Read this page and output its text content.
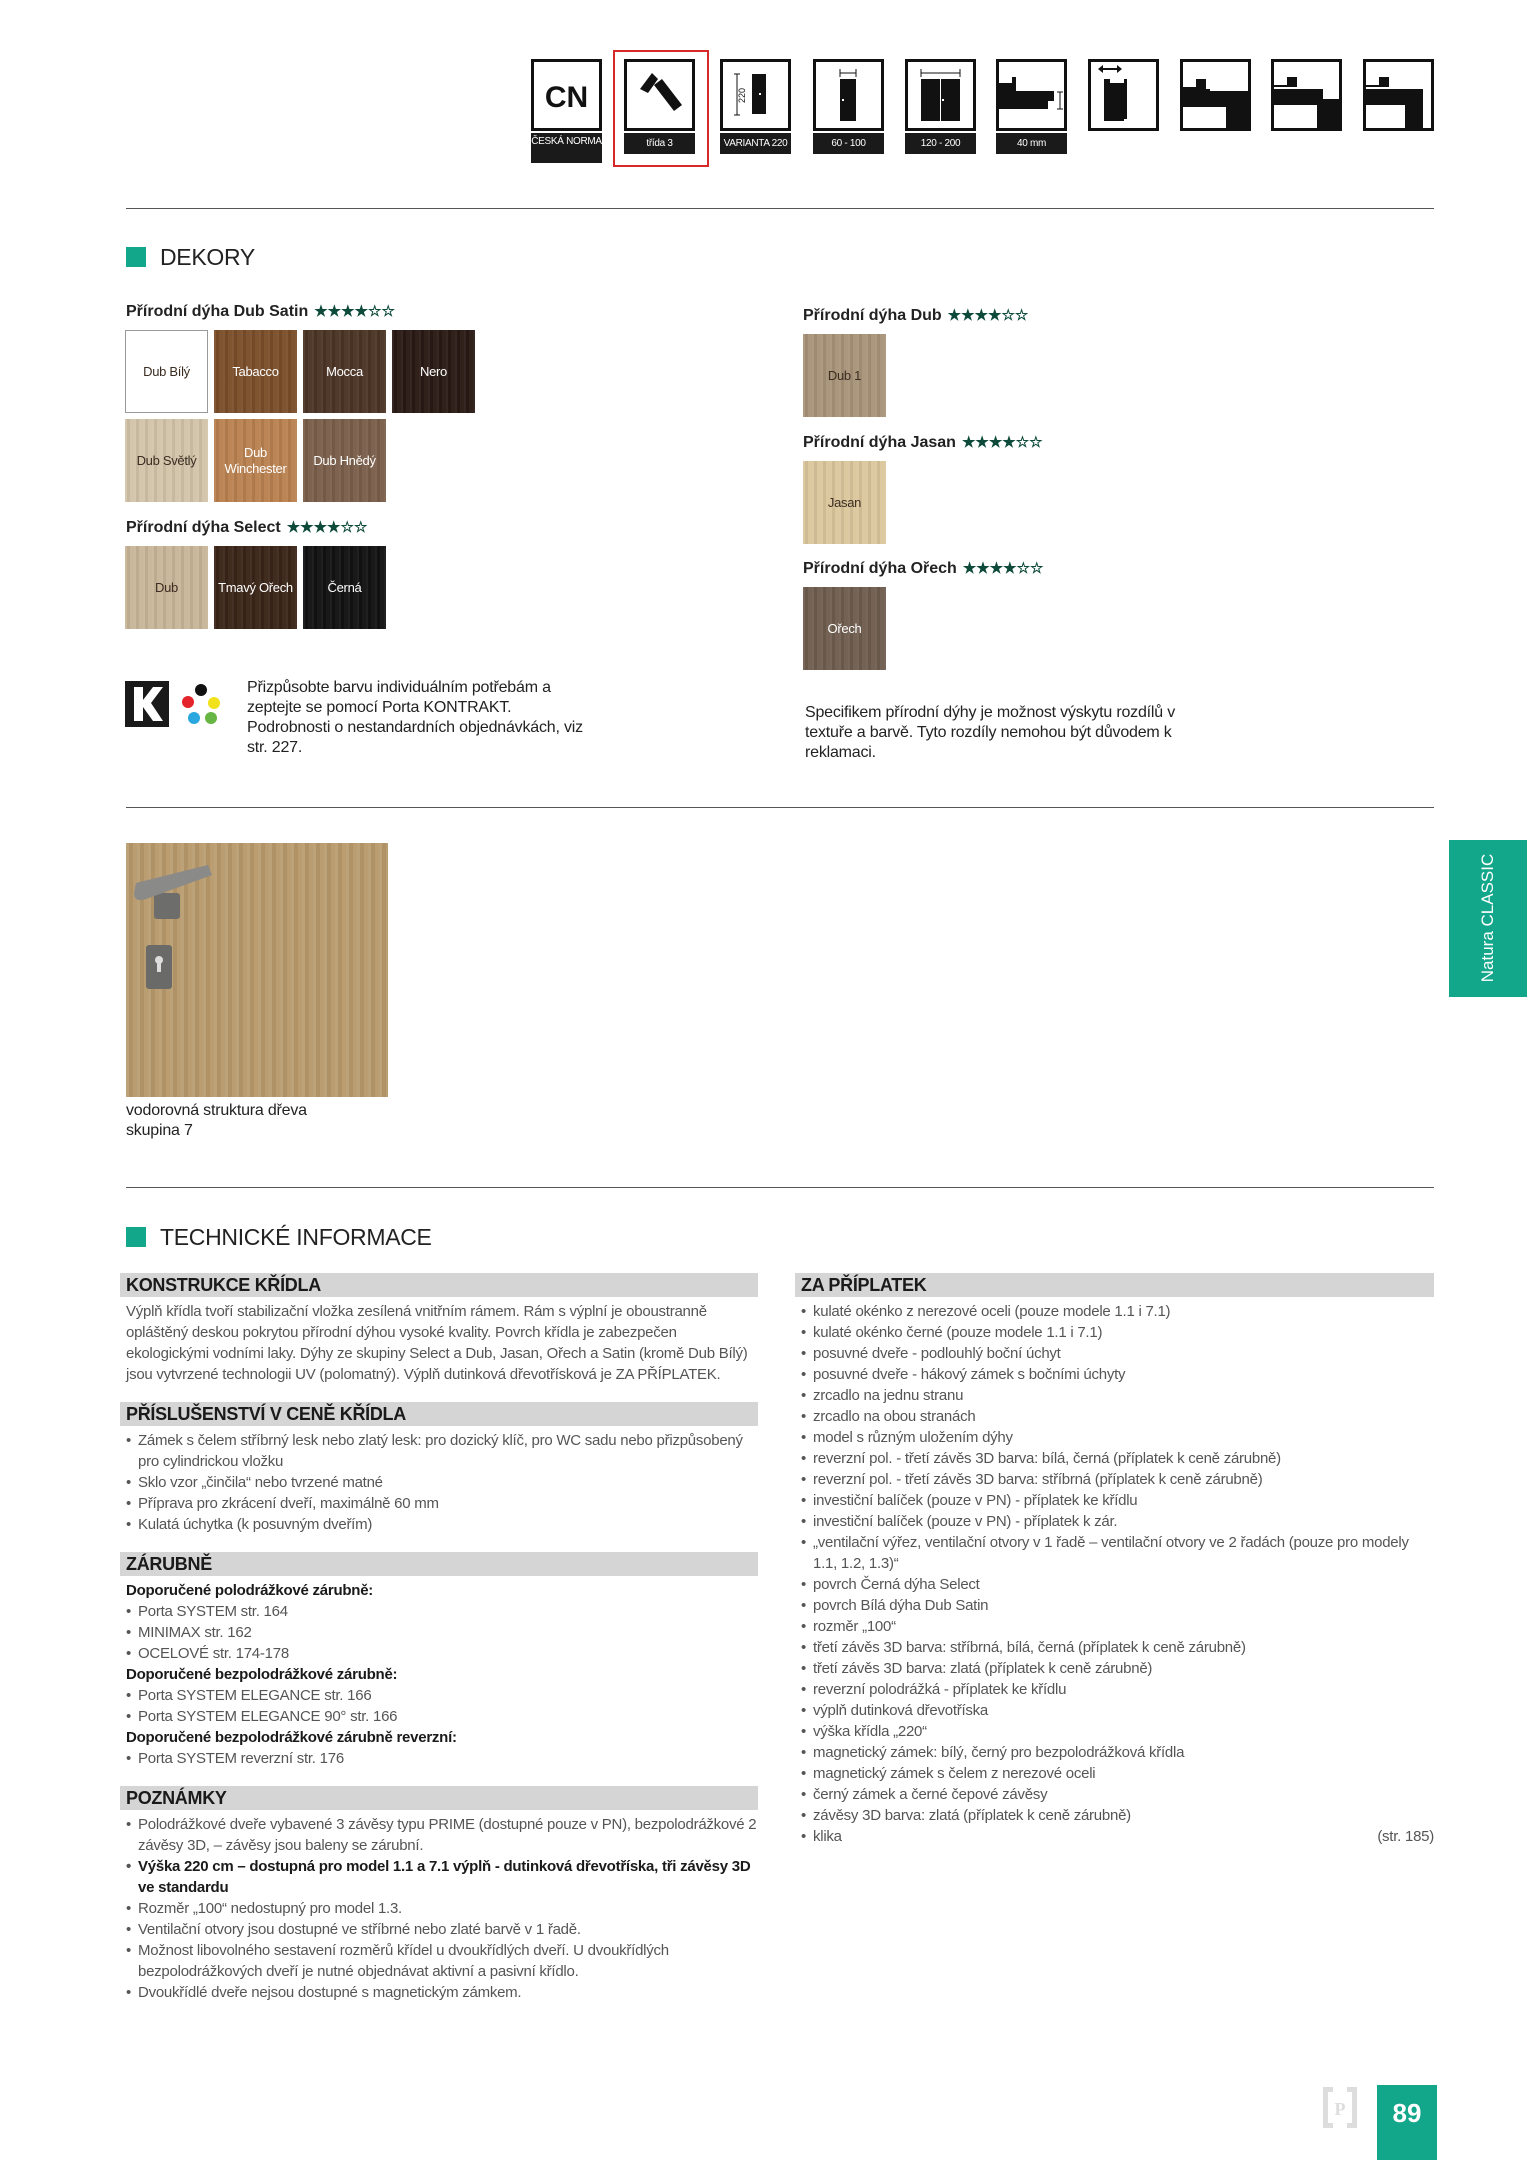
CN
ČESKÁ NORMA	třída 3
220
VARIANTA 220	60 - 100	120 - 200	40 mm
DEKORY
Přírodní dýha Dub Satin ★★★★☆☆
Dub Bílý	Tabacco	Mocca	Nero
Dub Světlý
Dub Winchester
Dub Hnědý
Přírodní dýha Select ★★★★☆☆
Dub	Tmavý Ořech	Černá
Přírodní dýha Dub ★★★★☆☆
Dub 1
Přírodní dýha Jasan ★★★★☆☆
Jasan
Přírodní dýha Ořech ★★★★☆☆
Ořech
Přizpůsobte barvu individuálním potřebám a zeptejte se pomocí Porta KONTRAKT. Podrobnosti o nestandardních objednávkách, viz str. 227.
Specifikem přírodní dýhy je možnost výskytu rozdílů v textuře a barvě. Tyto rozdíly nemohou být důvodem k reklamaci.
vodorovná struktura dřeva
skupina 7
Natura CLASSIC
TECHNICKÉ INFORMACE
KONSTRUKCE KŘÍDLA
Výplň křídla tvoří stabilizační vložka zesílená vnitřním rámem. Rám s výplní je oboustranně opláštěný deskou pokrytou přírodní dýhou vysoké kvality. Povrch křídla je zabezpečen ekologickými vodními laky. Dýhy ze skupiny Select a Dub, Jasan, Ořech a Satin (kromě Dub Bílý) jsou vytvrzené technologii UV (polomatný). Výplň dutinková dřevotřísková je ZA PŘÍPLATEK.
PŘÍSLUŠENSTVÍ V CENĚ KŘÍDLA
• Zámek s čelem stříbrný lesk nebo zlatý lesk: pro dozický klíč, pro WC sadu nebo přizpůsobený pro cylindrickou vložku
• Sklo vzor „činčila“ nebo tvrzené matné
• Příprava pro zkrácení dveří, maximálně 60 mm
• Kulatá úchytka (k posuvným dveřím)
ZÁRUBNĚ
Doporučené polodrážkové zárubně:
• Porta SYSTEM str. 164
• MINIMAX str. 162
• OCELOVÉ str. 174-178
Doporučené bezpolodrážkové zárubně:
• Porta SYSTEM ELEGANCE str. 166
• Porta SYSTEM ELEGANCE 90° str. 166
Doporučené bezpolodrážkové zárubně reverzní:
• Porta SYSTEM reverzní str. 176
POZNÁMKY
• Polodrážkové dveře vybavené 3 závěsy typu PRIME (dostupné pouze v PN), bezpolodrážkové 2 závěsy 3D, – závěsy jsou baleny se zárubní.
• Výška 220 cm – dostupná pro model 1.1 a 7.1 výplň - dutinková dřevotříska, tři závěsy 3D ve standardu
• Rozměr „100“ nedostupný pro model 1.3.
• Ventilační otvory jsou dostupné ve stříbrné nebo zlaté barvě v 1 řadě.
• Možnost libovolného sestavení rozměrů křídel u dvoukřídlých dveří. U dvoukřídlých bezpolodrážkových dveří je nutné objednávat aktivní a pasivní křídlo.
• Dvoukřídlé dveře nejsou dostupné s magnetickým zámkem.
ZA PŘÍPLATEK
• kulaté okénko z nerezové oceli (pouze modele 1.1 i 7.1)
• kulaté okénko černé (pouze modele 1.1 i 7.1)
• posuvné dveře - podlouhlý boční úchyt
• posuvné dveře - hákový zámek s bočními úchyty
• zrcadlo na jednu stranu
• zrcadlo na obou stranách
• model s různým uložením dýhy
• reverzní pol. - třetí závěs 3D barva: bílá, černá (příplatek k ceně zárubně)
• reverzní pol. - třetí závěs 3D barva: stříbrná (příplatek k ceně zárubně)
• investiční balíček (pouze v PN) - příplatek ke křídlu
• investiční balíček (pouze v PN) - příplatek k zár.
• „ventilační výřez, ventilační otvory v 1 řadě – ventilační otvory ve 2 řadách (pouze pro modely 1.1, 1.2, 1.3)“
• povrch Černá dýha Select
• povrch Bílá dýha Dub Satin
• rozměr „100“
• třetí závěs 3D barva: stříbrná, bílá, černá (příplatek k ceně zárubně)
• třetí závěs 3D barva: zlatá (příplatek k ceně zárubně)
• reverzní polodrážká - příplatek ke křídlu
• výplň dutinková dřevotříska
• výška křídla „220“
• magnetický zámek: bílý, černý pro bezpolodrážková křídla
• magnetický zámek s čelem z nerezové oceli
• černý zámek a černé čepové závěsy
• závěsy 3D barva: zlatá (příplatek k ceně zárubně)
• klika	(str. 185)
P	89
